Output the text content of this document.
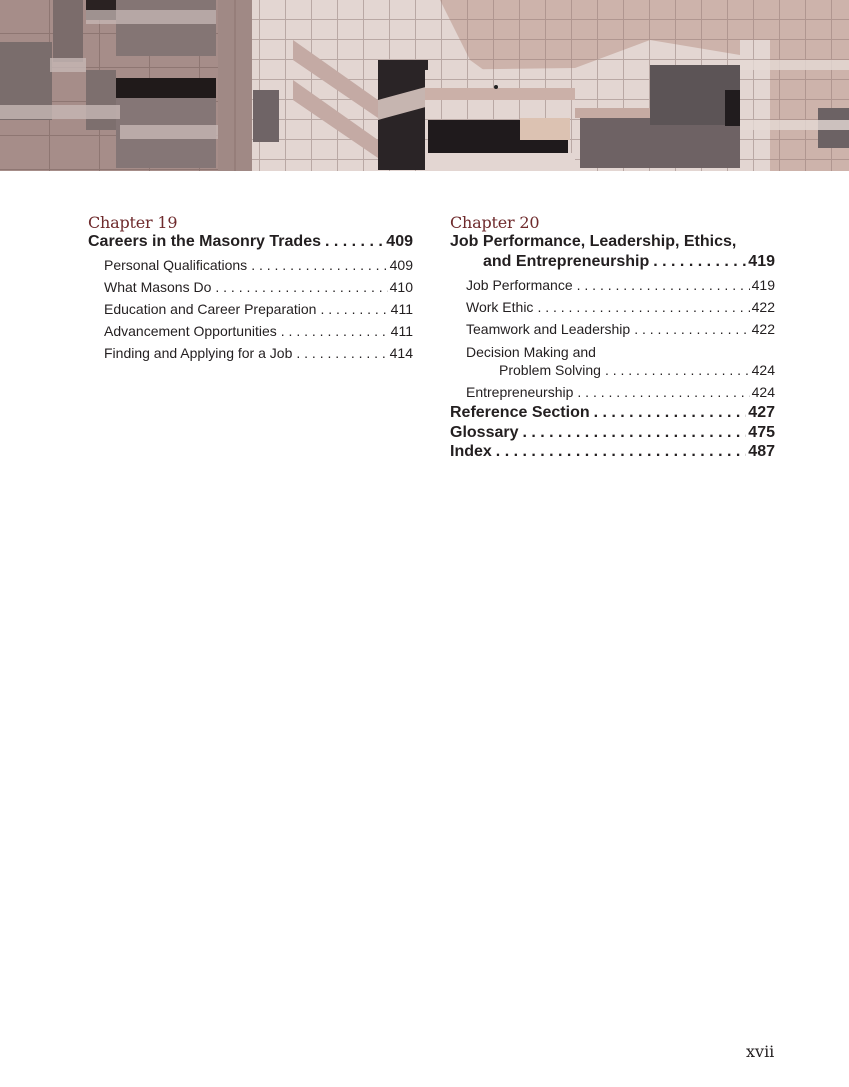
Chapter 19
Careers in the Masonry Trades . . .	409
Personal Qualifications . . .	409
What Masons Do . . .	410
Education and Career Preparation . . .	411
Advancement Opportunities . . .	411
Finding and Applying for a Job . . .	414
Chapter 20
Job Performance, Leadership, Ethics,
and Entrepreneurship . . .	419
Job Performance . . .	419
Work Ethic . . .	422
Teamwork and Leadership . . .	422
Decision Making and
Problem Solving . . .	424
Entrepreneurship . . .	424
Reference Section . . .	427
Glossary . . .	475
Index . . .	487
xvii
